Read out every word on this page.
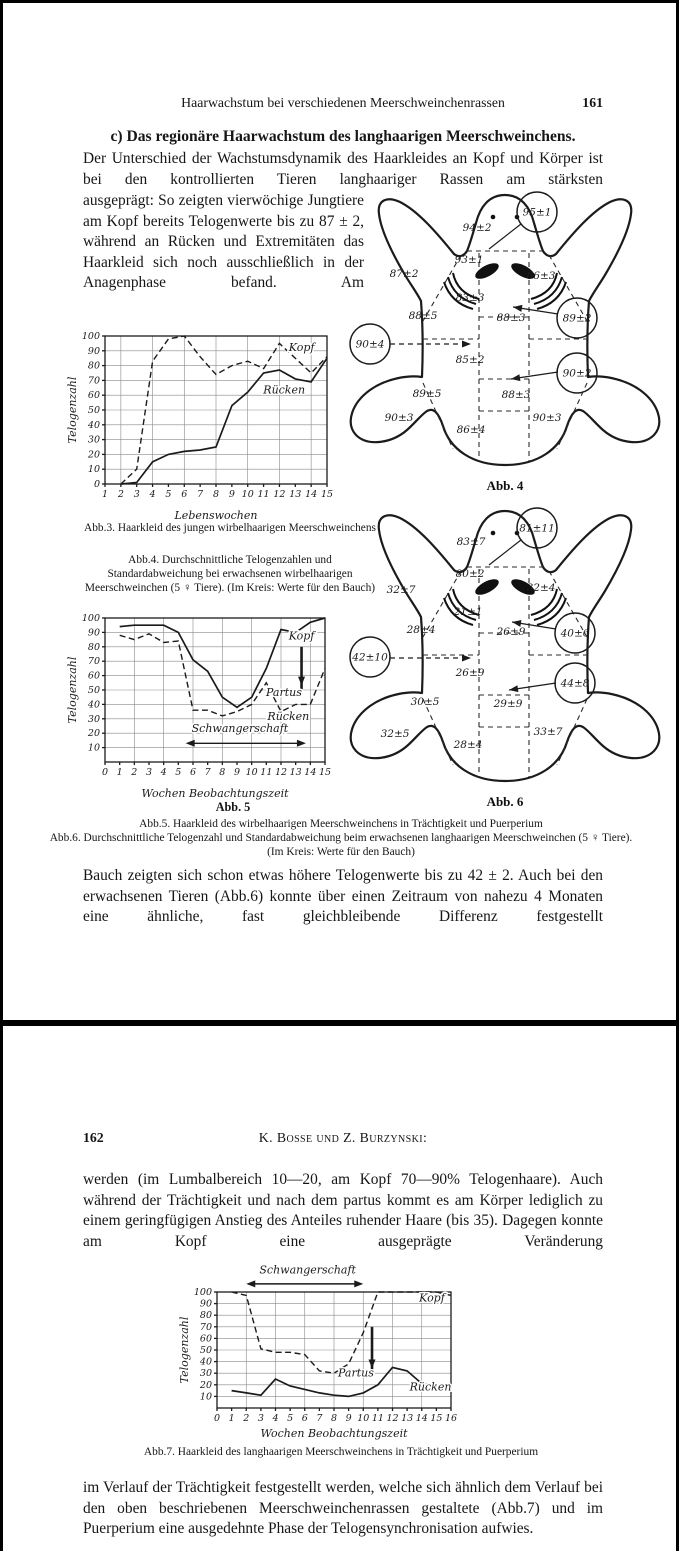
Haarwachstum bei verschiedenen Meerschweinchenrassen	161
c) Das regionäre Haarwachstum des langhaarigen Meerschweinchens.

Der Unterschied der Wachstumsdynamik des Haarkleides an Kopf und Körper ist bei den kontrollierten Tieren langhaariger Rassen am stärksten

ausgeprägt: So zeigten vierwöchige Jungtiere am Kopf bereits Telogenwerte bis zu 87 ± 2, während an Rücken und Extremitäten das Haarkleid sich noch ausschließlich in der Anagenphase befand. Am

94±2
93±1
87±2	86±3
83±3
88±5	88±3
85±2
89±5	88±3
90±3
86±4
90±3
95±1
89±2
90±4
90±2
Abb. 4
0
10
20
30
40
50
60
70
80
90
100
1 2 3 4 5 6 7 8 9 10 11 12 13 14 15
Lebenswochen
Telogenzahl
Kopf
Rücken
Abb.3. Haarkleid des jungen wirbelhaarigen Meerschweinchens
Abb.4. Durchschnittliche Telogenzahlen und Standardabweichung bei erwachsenen wirbelhaarigen Meerschweinchen (5 ♀ Tiere). (Im Kreis: Werte für den Bauch)
10
20
30
40
50
60
70
80
90
100
0 1 2 3 4 5 6 7 8 9 10 11 12 13 14 15
Wochen Beobachtungszeit
Telogenzahl
Kopf
Rücken
Schwangerschaft
Partus
Abb. 5
83±7
80±2
32±7	32±4
21±1
28±4	26±9
26±9
30±5	29±9
32±5
28±4
33±7
81±11
40±6
42±10
44±8
Abb. 6
Abb.5. Haarkleid des wirbelhaarigen Meerschweinchens in Trächtigkeit und Puerperium
Abb.6. Durchschnittliche Telogenzahl und Standardabweichung beim erwachsenen langhaarigen Meerschweinchen (5 ♀ Tiere). (Im Kreis: Werte für den Bauch)

Bauch zeigten sich schon etwas höhere Telogenwerte bis zu 42 ± 2. Auch bei den erwachsenen Tieren (Abb.6) konnte über einen Zeitraum von nahezu 4 Monaten eine ähnliche, fast gleichbleibende Differenz festgestellt

162	K. Bosse und Z. Burzynski:

werden (im Lumbalbereich 10—20, am Kopf 70—90% Telogenhaare). Auch während der Trächtigkeit und nach dem partus kommt es am Körper lediglich zu einem geringfügigen Anstieg des Anteiles ruhender Haare (bis 35). Dagegen konnte am Kopf eine ausgeprägte Veränderung

10
20
30
40
50
60
70
80
90
100
0 1 2 3 4 5 6 7 8 9 10 11 12 13 14 15 16
Wochen Beobachtungszeit
Telogenzahl
Kopf
Rücken
Schwangerschaft
Partus
Abb.7. Haarkleid des langhaarigen Meerschweinchens in Trächtigkeit und Puerperium

im Verlauf der Trächtigkeit festgestellt werden, welche sich ähnlich dem Verlauf bei den oben beschriebenen Meerschweinchenrassen gestaltete (Abb.7) und im Puerperium eine ausgedehnte Phase der Telogensynchronisation aufwies.
